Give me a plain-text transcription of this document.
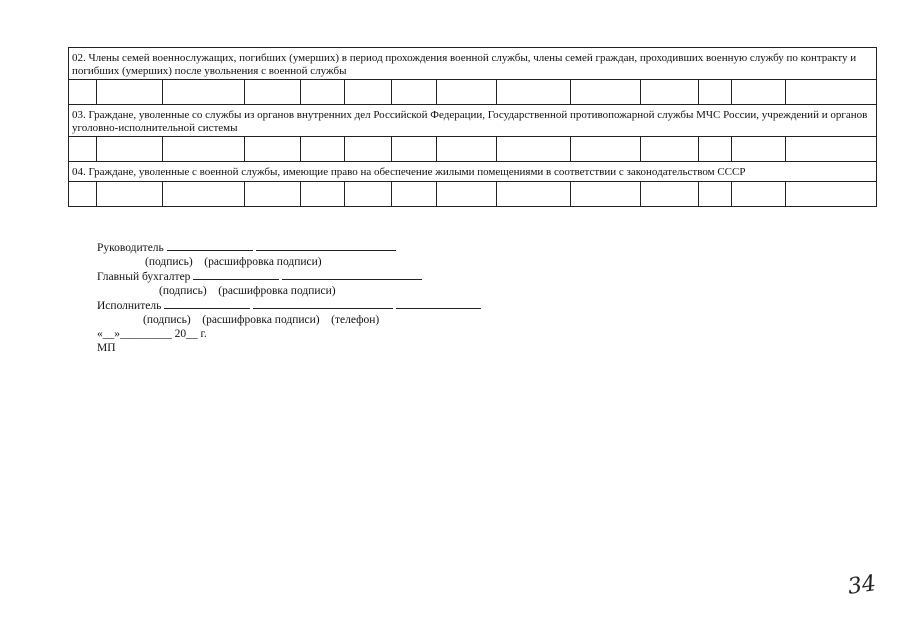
02. Члены семей военнослужащих, погибших (умерших) в период прохождения военной службы, члены семей граждан, проходивших военную службу по контракту и погибших (умерших) после увольнения с военной службы													

03. Граждане, уволенные со службы из органов внутренних дел Российской Федерации, Государственной противопожарной службы МЧС России, учреждений и органов уголовно-исполнительной системы													

04. Граждане, уволенные с военной службы, имеющие право на обеспечение жилыми помещениями в соответствии с законодательством СССР													

Руководитель
(подпись)    (расшифровка подписи)
Главный бухгалтер
(подпись)    (расшифровка подписи)
Исполнитель
(подпись)    (расшифровка подписи)    (телефон)
«__»_________ 20__ г.
МП
34
